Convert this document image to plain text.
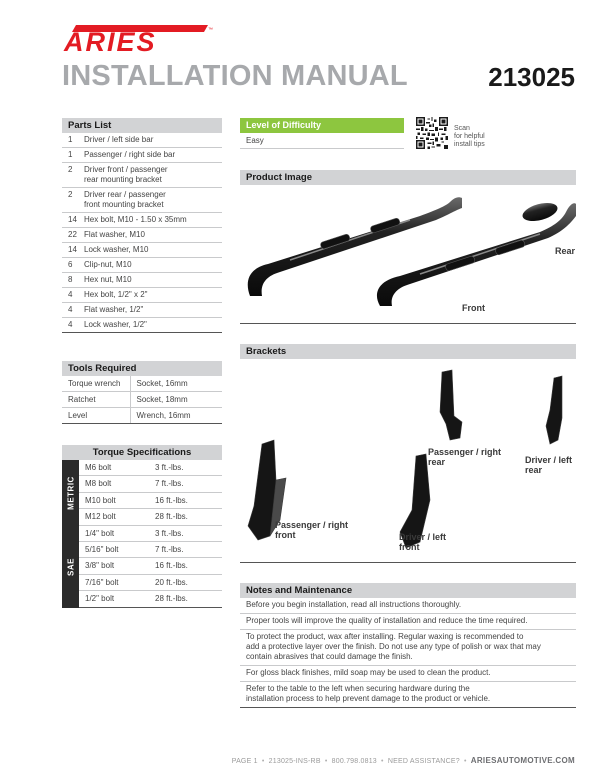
ARIES	™
INSTALLATION MANUAL	213025
Parts List
1	Driver / left side bar

1	Passenger / right side bar

2	Driver front / passenger
rear mounting bracket

2	Driver rear / passenger
front mounting bracket

14	Hex bolt, M10 - 1.50 x 35mm

22	Flat washer, M10

14	Lock washer, M10

6	Clip-nut, M10

8	Hex nut, M10

4	Hex bolt, 1/2" x 2"

4	Flat washer, 1/2"

4	Lock washer, 1/2"
Tools Required
Torque wrench	Socket, 16mm
Ratchet	Socket, 18mm
Level	Wrench, 16mm
Torque Specifications
METRIC
M6 bolt	3 ft.-lbs.
M8 bolt	7 ft.-lbs.
M10 bolt	16 ft.-lbs.
M12 bolt	28 ft.-lbs.
SAE
1/4" bolt	3 ft.-lbs.
5/16" bolt	7 ft.-lbs.
3/8" bolt	16 ft.-lbs.
7/16" bolt	20 ft.-lbs.
1/2" bolt	28 ft.-lbs.
Level of Difficulty
Easy
Scan
for helpful
install tips
Product Image
Rear
Front
Brackets
Passenger / right
rear	Driver / left
rear
Passenger / right
front	Driver / left
front
Notes and Maintenance
Before you begin installation, read all instructions thoroughly.
Proper tools will improve the quality of installation and reduce the time required.
To protect the product, wax after installing. Regular waxing is recommended to
add a protective layer over the finish. Do not use any type of polish or wax that may
contain abrasives that could damage the finish.
For gloss black finishes, mild soap may be used to clean the product.
Refer to the table to the left when securing hardware during the
installation process to help prevent damage to the product or vehicle.
PAGE 1 • 213025-INS-RB • 800.798.0813 • NEED ASSISTANCE? • ARIESAUTOMOTIVE.COM
